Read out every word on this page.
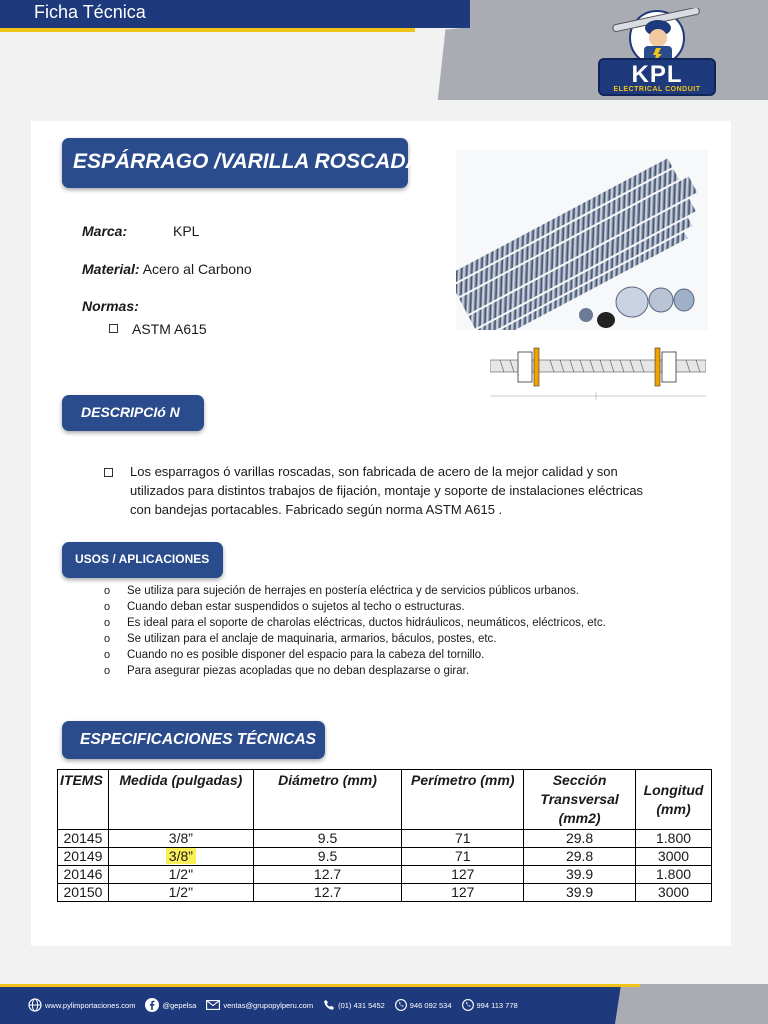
Ficha Técnica
KPL
ELECTRICAL CONDUIT
ESPÁRRAGO /VARILLA ROSCADA
Marca:	KPL
Material: Acero al Carbono
Normas:
ASTM A615
DESCRIPCIó N
Los esparragos ó varillas roscadas, son fabricada de acero de la mejor calidad y son utilizados para distintos trabajos de fijación, montaje y soporte de instalaciones eléctricas con bandejas portacables. Fabricado según norma ASTM A615 .
USOS / APLICACIONES
o Se utiliza para sujeción de herrajes en postería eléctrica y de servicios públicos urbanos.
o Cuando deban estar suspendidos o sujetos al techo o estructuras.
o Es ideal para el soporte de charolas eléctricas, ductos hidráulicos, neumáticos, eléctricos, etc.
o Se utilizan para el anclaje de maquinaria, armarios, báculos, postes, etc.
o Cuando no es posible disponer del espacio para la cabeza del tornillo.
o Para asegurar piezas acopladas que no deban desplazarse o girar.
ESPECIFICACIONES TÉCNICAS
ITEMS	Medida (pulgadas)	Diámetro (mm)	Perímetro (mm)	Sección Transversal (mm2)	Longitud (mm)
20145	3/8”	9.5	71	29.8	1.800
20149	3/8”	9.5	71	29.8	3000
20146	1/2"	12.7	127	39.9	1.800
20150	1/2"	12.7	127	39.9	3000
www.pylimportaciones.com	@gepelsa	ventas@grupopylperu.com	(01) 431 5452	946 092 534	994 113 778
